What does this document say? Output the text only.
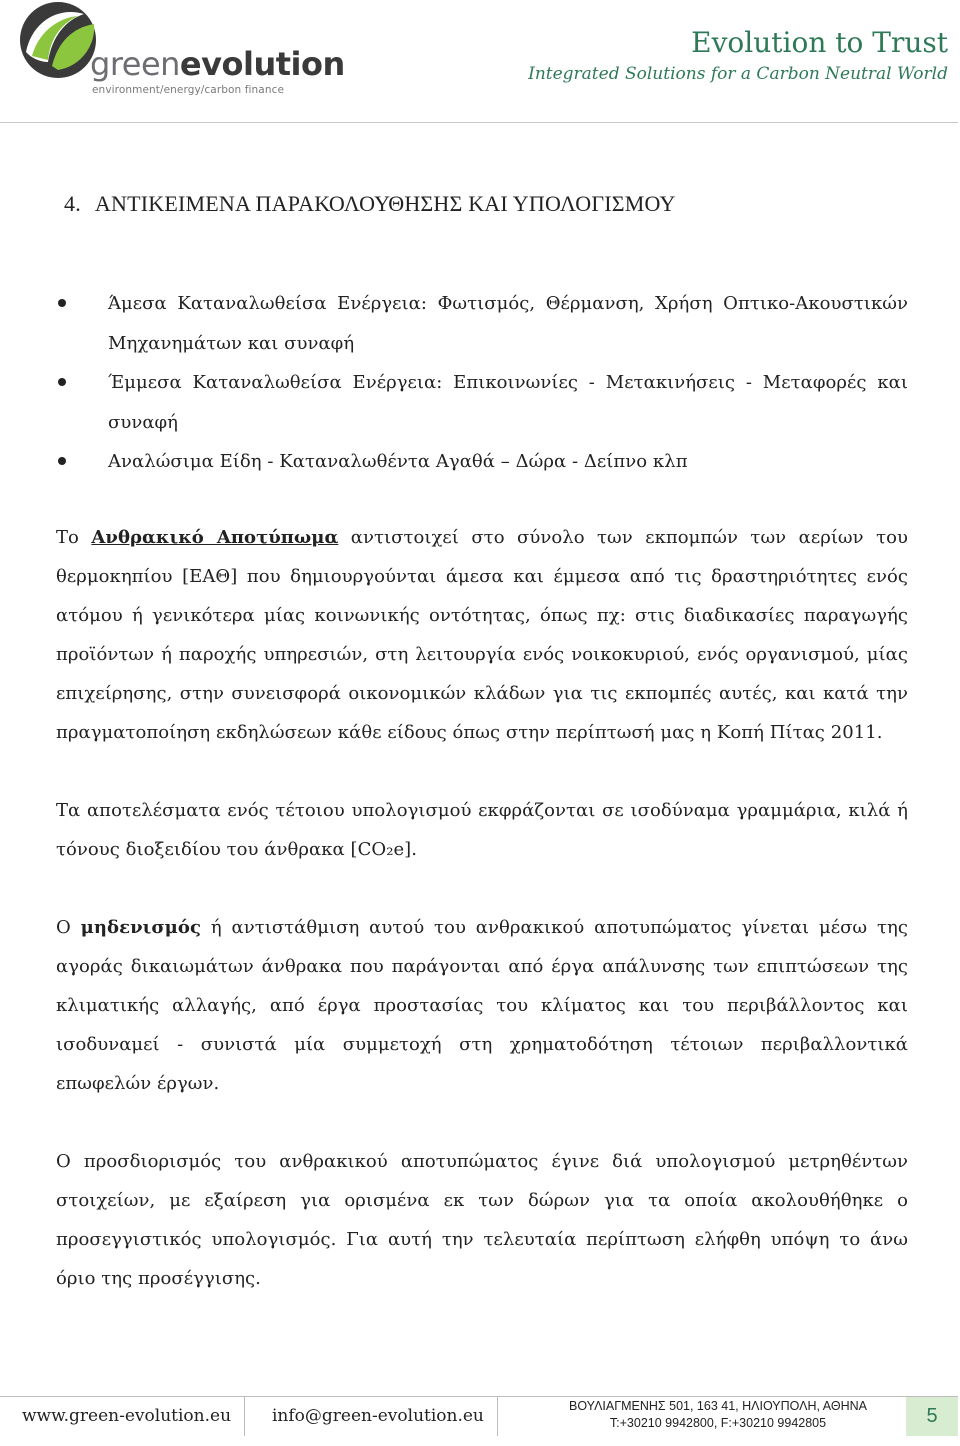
greenevolution
environment/energy/carbon finance
Evolution to Trust
Integrated Solutions for a Carbon Neutral World
4. ΑΝΤΙΚΕΙΜΕΝΑ ΠΑΡΑΚΟΛΟΥΘΗΣΗΣ ΚΑΙ ΥΠΟΛΟΓΙΣΜΟΥ
Άμεσα Καταναλωθείσα Ενέργεια: Φωτισμός, Θέρμανση, Χρήση Οπτικο-Ακουστικών Μηχανημάτων και συναφή
Έμμεσα Καταναλωθείσα Ενέργεια: Επικοινωνίες - Μετακινήσεις - Μεταφορές και συναφή
Αναλώσιμα Είδη - Καταναλωθέντα Αγαθά – Δώρα - Δείπνο κλπ

Το Ανθρακικό Αποτύπωμα αντιστοιχεί στο σύνολο των εκπομπών των αερίων του θερμοκηπίου [ΕΑΘ] που δημιουργούνται άμεσα και έμμεσα από τις δραστηριότητες ενός ατόμου ή γενικότερα μίας κοινωνικής οντότητας, όπως πχ: στις διαδικασίες παραγωγής προϊόντων ή παροχής υπηρεσιών, στη λειτουργία ενός νοικοκυριού, ενός οργανισμού, μίας επιχείρησης, στην συνεισφορά οικονομικών κλάδων για τις εκπομπές αυτές, και κατά την πραγματοποίηση εκδηλώσεων κάθε είδους όπως στην περίπτωσή μας η Κοπή Πίτας 2011.

Τα αποτελέσματα ενός τέτοιου υπολογισμού εκφράζονται σε ισοδύναμα γραμμάρια, κιλά ή τόνους διοξειδίου του άνθρακα [CO₂e].

Ο μηδενισμός ή αντιστάθμιση αυτού του ανθρακικού αποτυπώματος γίνεται μέσω της αγοράς δικαιωμάτων άνθρακα που παράγονται από έργα απάλυνσης των επιπτώσεων της κλιματικής αλλαγής, από έργα προστασίας του κλίματος και του περιβάλλοντος και ισοδυναμεί - συνιστά μία συμμετοχή στη χρηματοδότηση τέτοιων περιβαλλοντικά επωφελών έργων.

Ο προσδιορισμός του ανθρακικού αποτυπώματος έγινε διά υπολογισμού μετρηθέντων στοιχείων, με εξαίρεση για ορισμένα εκ των δώρων για τα οποία ακολουθήθηκε ο προσεγγιστικός υπολογισμός. Για αυτή την τελευταία περίπτωση ελήφθη υπόψη το άνω όριο της προσέγγισης.

www.green-evolution.eu info@green-evolution.eu	ΒΟΥΛΙΑΓΜΕΝΗΣ 501, 163 41, ΗΛΙΟΥΠΟΛΗ, ΑΘΗΝΑ
T:+30210 9942800, F:+30210 9942805	5
